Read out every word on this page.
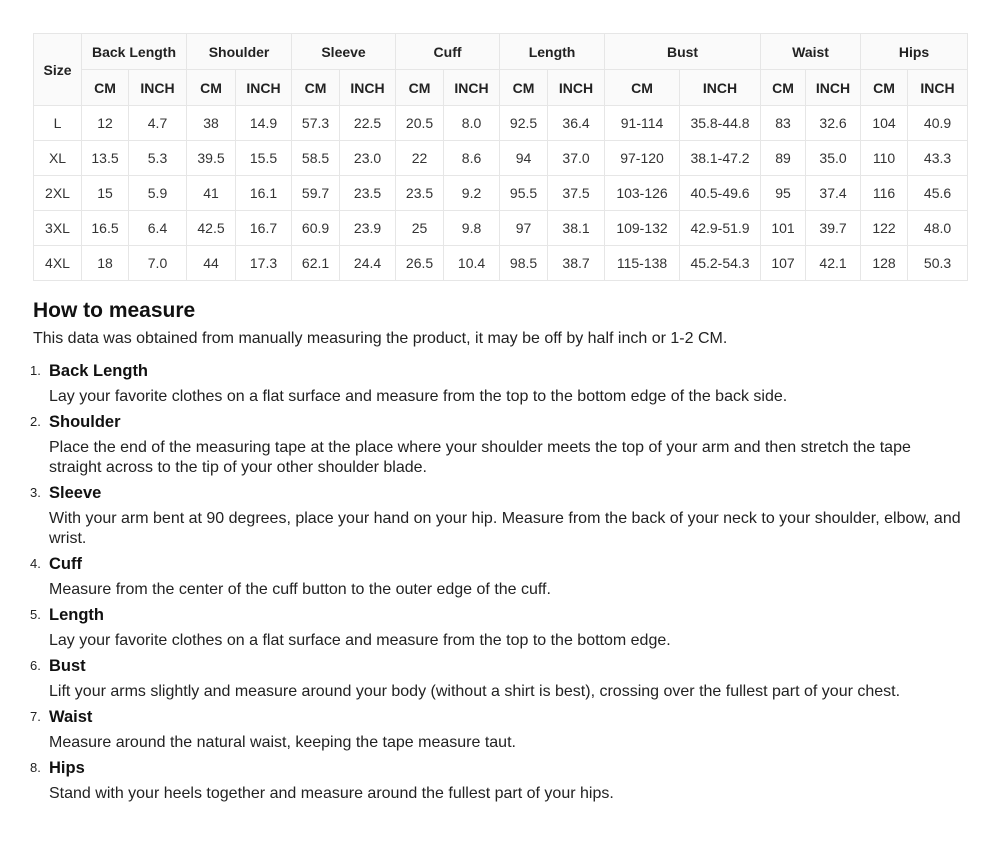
Size	Back Length		Shoulder		Sleeve		Cuff		Length		Bust		Waist		Hips	
	CM	INCH	CM	INCH	CM	INCH	CM	INCH	CM	INCH	CM	INCH	CM	INCH	CM	INCH
L	12	4.7	38	14.9	57.3	22.5	20.5	8.0	92.5	36.4	91-114	35.8-44.8	83	32.6	104	40.9
XL	13.5	5.3	39.5	15.5	58.5	23.0	22	8.6	94	37.0	97-120	38.1-47.2	89	35.0	110	43.3
2XL	15	5.9	41	16.1	59.7	23.5	23.5	9.2	95.5	37.5	103-126	40.5-49.6	95	37.4	116	45.6
3XL	16.5	6.4	42.5	16.7	60.9	23.9	25	9.8	97	38.1	109-132	42.9-51.9	101	39.7	122	48.0
4XL	18	7.0	44	17.3	62.1	24.4	26.5	10.4	98.5	38.7	115-138	45.2-54.3	107	42.1	128	50.3
How to measure

This data was obtained from manually measuring the product, it may be off by half inch or 1-2 CM.

1. Back Length
Lay your favorite clothes on a flat surface and measure from the top to the bottom edge of the back side.
2. Shoulder
Place the end of the measuring tape at the place where your shoulder meets the top of your arm and then stretch the tape straight across to the tip of your other shoulder blade.
3. Sleeve
With your arm bent at 90 degrees, place your hand on your hip. Measure from the back of your neck to your shoulder, elbow, and wrist.
4. Cuff
Measure from the center of the cuff button to the outer edge of the cuff.
5. Length
Lay your favorite clothes on a flat surface and measure from the top to the bottom edge.
6. Bust
Lift your arms slightly and measure around your body (without a shirt is best), crossing over the fullest part of your chest.
7. Waist
Measure around the natural waist, keeping the tape measure taut.
8. Hips
Stand with your heels together and measure around the fullest part of your hips.
